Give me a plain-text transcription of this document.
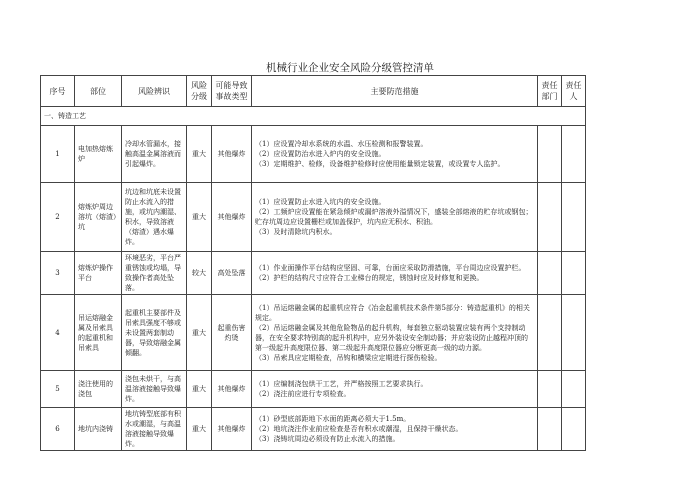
机械行业企业安全风险分级管控清单
序号	部位	风险辨识	风险分级	可能导致事故类型	主要防范措施	责任部门	责任人
一、铸造工艺							
1	电加热熔炼炉	冷却水管漏水，接触高温金属溶液而引起爆炸。	重大	其他爆炸	（1）应设置冷却水系统的水温、水压检测和报警装置。
（2）应设置防治水进入炉内的安全设施。
（3）定期维护、检修，设备维护检修时应使用能量锁定装置，或设置专人监护。		

2	熔炼炉周边溶坑（熔渣）坑	坑边和坑底未设置防止水流入的措施，或坑内潮湿、积水，导致溶液（熔渣）遇水爆炸。	重大	其他爆炸	（1）应设置防止水进入坑内的安全设施。
（2）工频炉应设置能在紧急倾炉或漏炉溶液外溢情况下，盛装全部熔液的贮存坑或钢包；贮存坑周边应设置栅栏或加盖保护，坑内应无积水、积油。
（3）及时清除坑内积水。		

3	熔炼炉操作平台	环境恶劣，平台严重锈蚀或均塌，导致操作者高处坠落。	较大	高处坠落	（1）作业面操作平台结构应坚固、可靠，台面应采取防滑措施，平台周边应设置护栏。
（2）护栏的结构尺寸应符合工业梯台的规定，锈蚀时应及时修复和更换。		

4	吊运熔融金属及吊索具的起重机和吊索具	起重机主要部件及吊索具强度不够或未设置两套制动器，导致熔融金属倾翻。	重大	起重伤害灼烫	（1）吊运熔融金属的起重机应符合《冶金起重机技术条件第5部分：铸造起重机》的相关规定。
（2）吊运熔融金属及其他危险物品的起升机构，每套独立驱动装置应装有两个支持制动器，在安全要求特别高的起升机构中，应另外装设安全制动器；并应装设防止越程冲顶的第一级起升高度限位器、第二级起升高度限位器应分断更高一级的动力源。
（3）吊索具应定期检查，吊钩和横梁应定期进行探伤检验。		

5	浇注使用的浇包	浇包未烘干，与高温溶液接触导致爆炸。	重大	其他爆炸	（1）应编制浇包烘干工艺，并严格按照工艺要求执行。
（2）浇注前应进行专项检查。		

6	地坑内浇铸	地坑铸型底部有积水或潮湿，与高温溶液接触导致爆炸。	重大	其他爆炸	（1）砂型底部距地下水面的距离必须大于1.5m。
（2）地坑浇注作业前应检查是否有积水或潮湿，且保持干燥状态。
（3）浇铸坑周边必须设有防止水流入的措施。		
